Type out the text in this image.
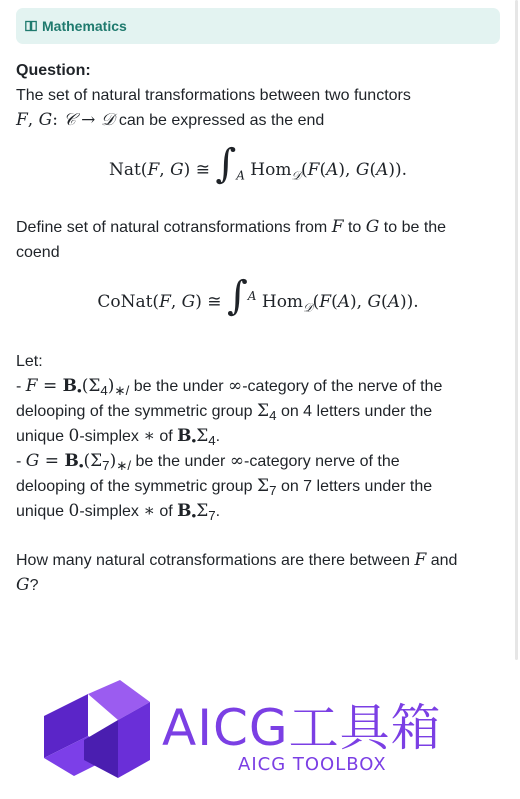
Mathematics

Question:

The set of natural transformations between two functors

F, G: 𝒞 → 𝒟 can be expressed as the end

Nat(F, G) ≅ $\int_A$ Hom$_𝒟$(F(A), G(A)).

Define set of natural cotransformations from F to G to be the

coend

CoNat(F, G) ≅ ∫$^A$ Hom$_𝒟$(F(A), G(A)).

Let:

- $F = B_•(\Sigma_4)_{∗/}$ be the under ∞-category of the nerve of the

delooping of the symmetric group $\Sigma_4$ on 4 letters under the

unique 0-simplex ∗ of $B_•\Sigma_4$.

- $G = B_•(\Sigma_7)_{∗/}$ be the under ∞-category nerve of the

delooping of the symmetric group $\Sigma_7$ on 7 letters under the

unique 0-simplex ∗ of $B_•\Sigma_7$.

How many natural cotransformations are there between F and

G?

AICG工具箱
AICG TOOLBOX
